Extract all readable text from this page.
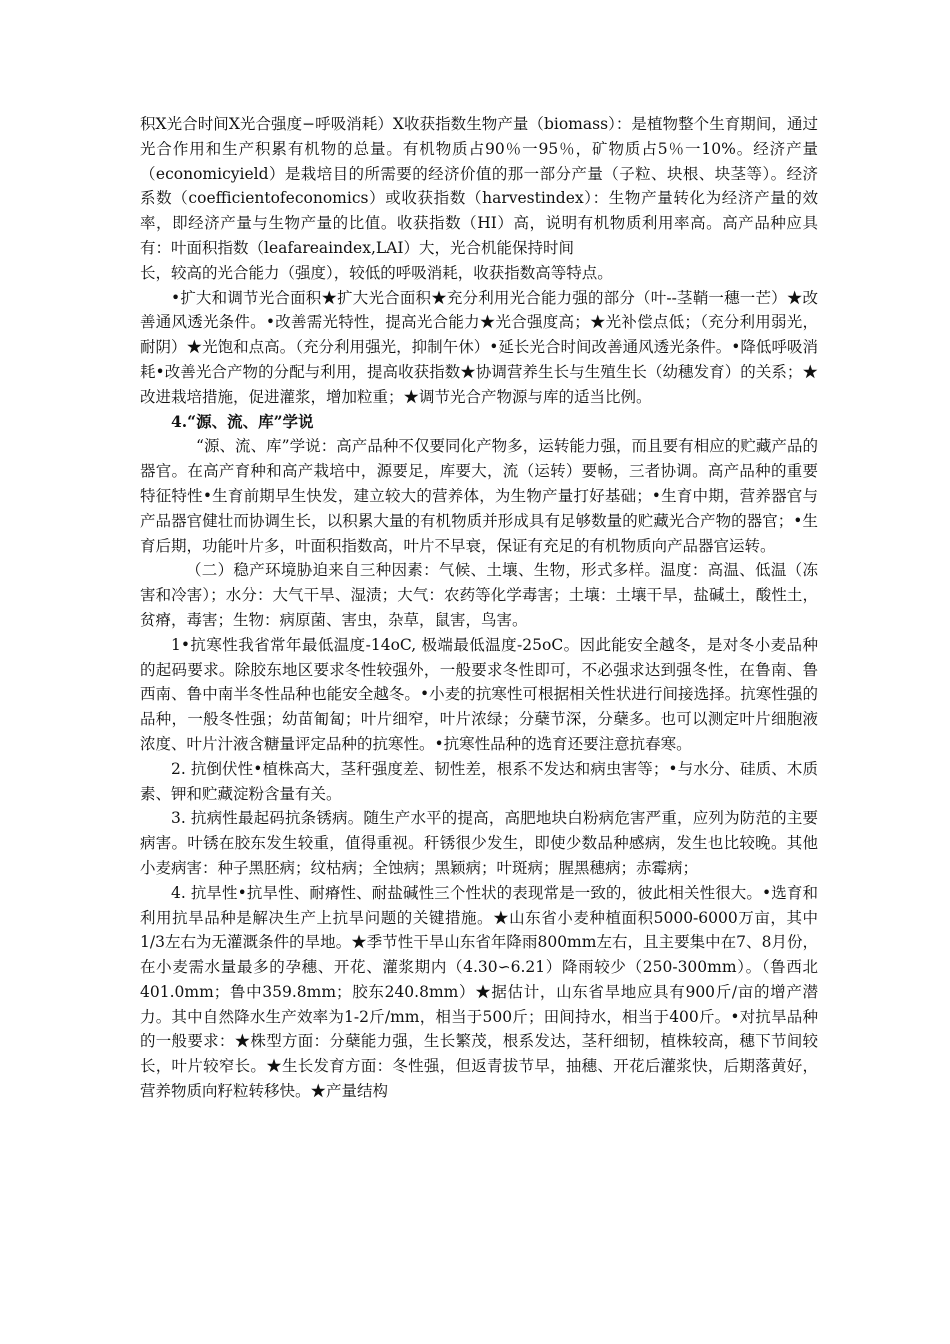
积Ⅹ光合时间Ⅹ光合强度−呼吸消耗）Ⅹ收获指数生物产量（biomass）：是植物整个生育期间，通过光合作用和生产积累有机物的总量。有机物质占90％一95％，矿物质占5％一10%。经济产量（economicyield）是栽培目的所需要的经济价值的那一部分产量（子粒、块根、块茎等）。经济系数（coefficientofeconomics）或收获指数（harvestindex）：生物产量转化为经济产量的效率，即经济产量与生物产量的比值。收获指数（HI）高，说明有机物质利用率高。高产品种应具有：叶面积指数（leafareaindex,LAI）大，光合机能保持时间

长，较高的光合能力（强度），较低的呼吸消耗，收获指数高等特点。

•扩大和调节光合面积★扩大光合面积★充分利用光合能力强的部分（叶--茎鞘一穗一芒）★改善通风透光条件。•改善需光特性，提高光合能力★光合强度高；★光补偿点低；（充分利用弱光，耐阴）★光饱和点高。（充分利用强光，抑制午休）•延长光合时间改善通风透光条件。•降低呼吸消耗•改善光合产物的分配与利用，提高收获指数★协调营养生长与生殖生长（幼穗发育）的关系；★改进栽培措施，促进灌浆，增加粒重；★调节光合产物源与库的适当比例。

4.“源、流、库”学说

“源、流、库”学说：高产品种不仅要同化产物多，运转能力强，而且要有相应的贮藏产品的器官。在高产育种和高产栽培中，源要足，库要大，流（运转）要畅，三者协调。高产品种的重要特征特性•生育前期早生快发，建立较大的营养体，为生物产量打好基础；•生育中期，营养器官与产品器官健壮而协调生长，以积累大量的有机物质并形成具有足够数量的贮藏光合产物的器官；•生育后期，功能叶片多，叶面积指数高，叶片不早衰，保证有充足的有机物质向产品器官运转。

（二）稳产环境胁迫来自三种因素：气候、土壤、生物，形式多样。温度：高温、低温（冻害和冷害）；水分：大气干旱、湿渍；大气：农药等化学毒害；土壤：土壤干旱，盐碱土，酸性土，贫瘠，毒害；生物：病原菌、害虫，杂草，鼠害，鸟害。

1•抗寒性我省常年最低温度-14oC, 极端最低温度-25oC。因此能安全越冬，是对冬小麦品种的起码要求。除胶东地区要求冬性较强外，一般要求冬性即可，不必强求达到强冬性，在鲁南、鲁西南、鲁中南半冬性品种也能安全越冬。•小麦的抗寒性可根据相关性状进行间接选择。抗寒性强的品种，一般冬性强；幼苗匍匐；叶片细窄，叶片浓绿；分蘖节深，分蘖多。也可以测定叶片细胞液浓度、叶片汁液含糖量评定品种的抗寒性。•抗寒性品种的选育还要注意抗春寒。

2. 抗倒伏性•植株高大，茎秆强度差、韧性差，根系不发达和病虫害等；•与水分、硅质、木质素、钾和贮藏淀粉含量有关。

3. 抗病性最起码抗条锈病。随生产水平的提高，高肥地块白粉病危害严重，应列为防范的主要病害。叶锈在胶东发生较重，值得重视。秆锈很少发生，即使少数品种感病，发生也比较晚。其他小麦病害：种子黑胚病；纹枯病；全蚀病；黑颖病；叶斑病；腥黑穗病；赤霉病；

4. 抗旱性•抗旱性、耐瘠性、耐盐碱性三个性状的表现常是一致的，彼此相关性很大。•选育和利用抗旱品种是解决生产上抗旱问题的关键措施。★山东省小麦种植面积5000-6000万亩，其中1/3左右为无灌溉条件的旱地。★季节性干旱山东省年降雨800mm左右，且主要集中在7、8月份，在小麦需水量最多的孕穗、开花、灌浆期内（4.30∽6.21）降雨较少（250-300mm）。（鲁西北401.0mm；鲁中359.8mm；胶东240.8mm）★据估计，山东省旱地应具有900斤/亩的增产潜力。其中自然降水生产效率为1-2斤/mm，相当于500斤；田间持水，相当于400斤。•对抗旱品种的一般要求：★株型方面：分蘖能力强，生长繁茂，根系发达，茎秆细韧，植株较高，穗下节间较长，叶片较窄长。★生长发育方面：冬性强，但返青拔节早，抽穗、开花后灌浆快，后期落黄好，营养物质向籽粒转移快。★产量结构
